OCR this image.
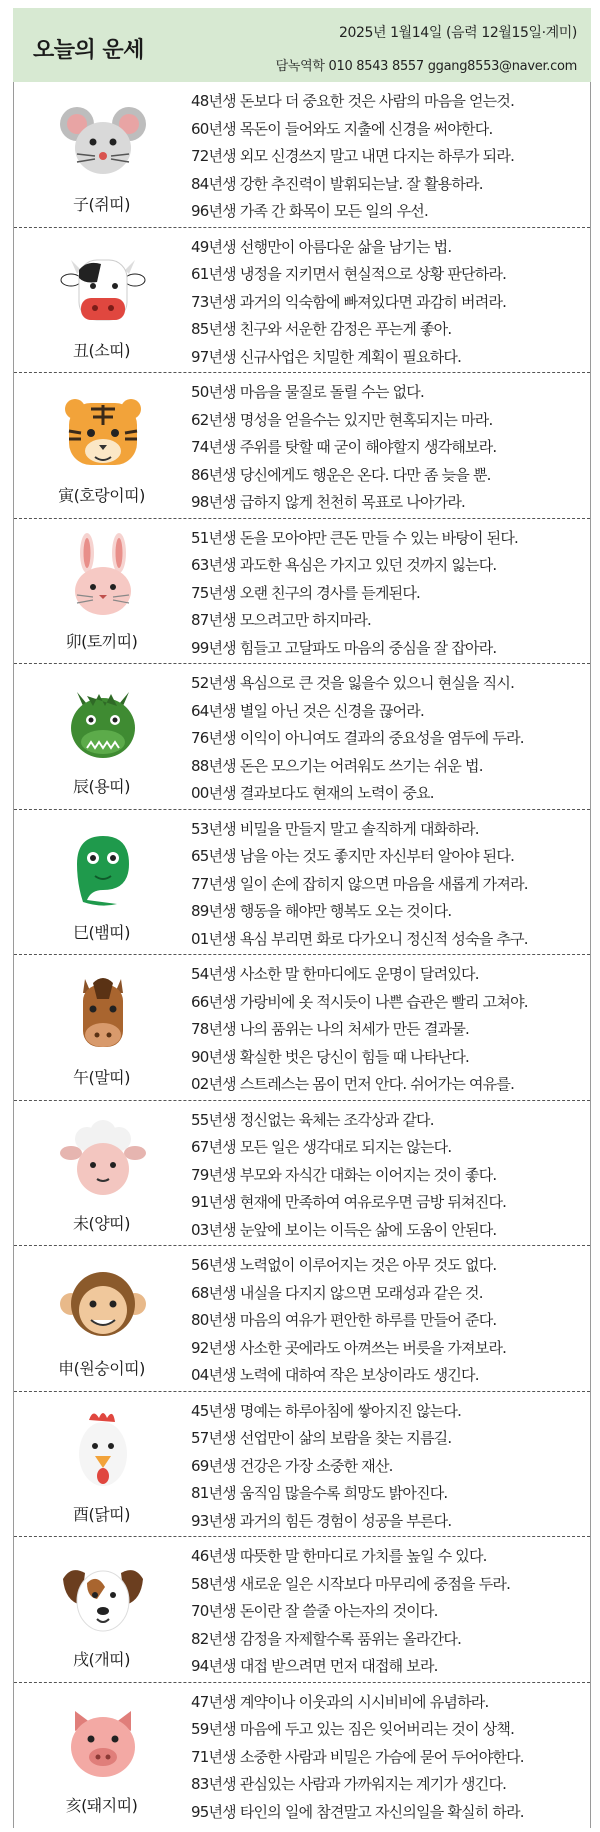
오늘의 운세
2025년 1월14일 (음력 12월15일·계미)
담녹역학 010 8543 8557 ggang8553@naver.com
子(쥐띠)
48년생 돈보다 더 중요한 것은 사람의 마음을 얻는것.
60년생 목돈이 들어와도 지출에 신경을 써야한다.
72년생 외모 신경쓰지 말고 내면 다지는 하루가 되라.
84년생 강한 추진력이 발휘되는날. 잘 활용하라.
96년생 가족 간 화목이 모든 일의 우선.
丑(소띠)
49년생 선행만이 아름다운 삶을 남기는 법.
61년생 냉정을 지키면서 현실적으로 상황 판단하라.
73년생 과거의 익숙함에 빠져있다면 과감히 버려라.
85년생 친구와 서운한 감정은 푸는게 좋아.
97년생 신규사업은 치밀한 계획이 필요하다.
寅(호랑이띠)
50년생 마음을 물질로 돌릴 수는 없다.
62년생 명성을 얻을수는 있지만 현혹되지는 마라.
74년생 주위를 탓할 때 굳이 해야할지 생각해보라.
86년생 당신에게도 행운은 온다. 다만 좀 늦을 뿐.
98년생 급하지 않게 천천히 목표로 나아가라.
卯(토끼띠)
51년생 돈을 모아야만 큰돈 만들 수 있는 바탕이 된다.
63년생 과도한 욕심은 가지고 있던 것까지 잃는다.
75년생 오랜 친구의 경사를 듣게된다.
87년생 모으려고만 하지마라.
99년생 힘들고 고달파도 마음의 중심을 잘 잡아라.
辰(용띠)
52년생 욕심으로 큰 것을 잃을수 있으니 현실을 직시.
64년생 별일 아닌 것은 신경을 끊어라.
76년생 이익이 아니여도 결과의 중요성을 염두에 두라.
88년생 돈은 모으기는 어려워도 쓰기는 쉬운 법.
00년생 결과보다도 현재의 노력이 중요.
巳(뱀띠)
53년생 비밀을 만들지 말고 솔직하게 대화하라.
65년생 남을 아는 것도 좋지만 자신부터 알아야 된다.
77년생 일이 손에 잡히지 않으면 마음을 새롭게 가져라.
89년생 행동을 해야만 행복도 오는 것이다.
01년생 욕심 부리면 화로 다가오니 정신적 성숙을 추구.
午(말띠)
54년생 사소한 말 한마디에도 운명이 달려있다.
66년생 가랑비에 옷 적시듯이 나쁜 습관은 빨리 고쳐야.
78년생 나의 품위는 나의 처세가 만든 결과물.
90년생 확실한 벗은 당신이 힘들 때 나타난다.
02년생 스트레스는 몸이 먼저 안다. 쉬어가는 여유를.
未(양띠)
55년생 정신없는 육체는 조각상과 같다.
67년생 모든 일은 생각대로 되지는 않는다.
79년생 부모와 자식간 대화는 이어지는 것이 좋다.
91년생 현재에 만족하여 여유로우면 금방 뒤쳐진다.
03년생 눈앞에 보이는 이득은 삶에 도움이 안된다.
申(원숭이띠)
56년생 노력없이 이루어지는 것은 아무 것도 없다.
68년생 내실을 다지지 않으면 모래성과 같은 것.
80년생 마음의 여유가 편안한 하루를 만들어 준다.
92년생 사소한 곳에라도 아껴쓰는 버릇을 가져보라.
04년생 노력에 대하여 작은 보상이라도 생긴다.
酉(닭띠)
45년생 명예는 하루아침에 쌓아지진 않는다.
57년생 선업만이 삶의 보람을 찾는 지름길.
69년생 건강은 가장 소중한 재산.
81년생 움직임 많을수록 희망도 밝아진다.
93년생 과거의 힘든 경험이 성공을 부른다.
戌(개띠)
46년생 따뜻한 말 한마디로 가치를 높일 수 있다.
58년생 새로운 일은 시작보다 마무리에 중점을 두라.
70년생 돈이란 잘 쓸줄 아는자의 것이다.
82년생 감정을 자제할수록 품위는 올라간다.
94년생 대접 받으려면 먼저 대접해 보라.
亥(돼지띠)
47년생 계약이나 이웃과의 시시비비에 유념하라.
59년생 마음에 두고 있는 짐은 잊어버리는 것이 상책.
71년생 소중한 사람과 비밀은 가슴에 묻어 두어야한다.
83년생 관심있는 사람과 가까워지는 계기가 생긴다.
95년생 타인의 일에 참견말고 자신의일을 확실히 하라.
